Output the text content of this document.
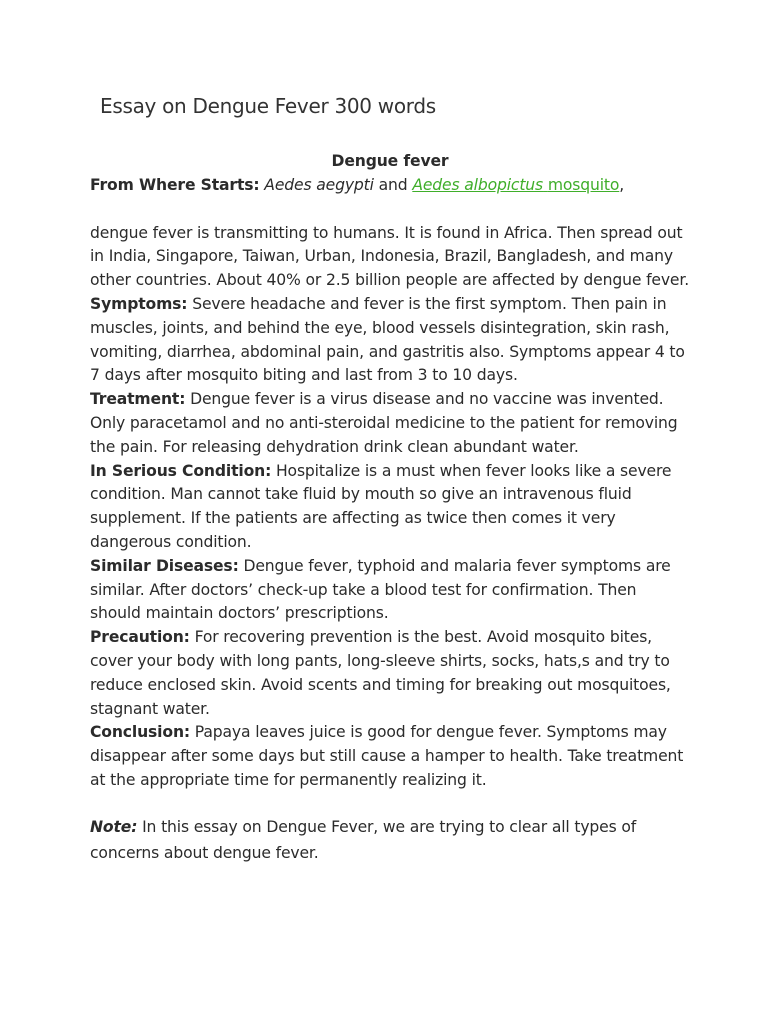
Essay on Dengue Fever 300 words

Dengue fever

From Where Starts: Aedes aegypti and Aedes albopictus mosquito,

dengue fever is transmitting to humans. It is found in Africa. Then spread out in India, Singapore, Taiwan, Urban, Indonesia, Brazil, Bangladesh, and many other countries. About 40% or 2.5 billion people are affected by dengue fever.

Symptoms: Severe headache and fever is the first symptom. Then pain in muscles, joints, and behind the eye, blood vessels disintegration, skin rash, vomiting, diarrhea, abdominal pain, and gastritis also. Symptoms appear 4 to 7 days after mosquito biting and last from 3 to 10 days.

Treatment: Dengue fever is a virus disease and no vaccine was invented. Only paracetamol and no anti-steroidal medicine to the patient for removing the pain. For releasing dehydration drink clean abundant water.

In Serious Condition: Hospitalize is a must when fever looks like a severe condition. Man cannot take fluid by mouth so give an intravenous fluid supplement. If the patients are affecting as twice then comes it very dangerous condition.

Similar Diseases: Dengue fever, typhoid and malaria fever symptoms are similar. After doctors’ check-up take a blood test for confirmation. Then should maintain doctors’ prescriptions.

Precaution: For recovering prevention is the best. Avoid mosquito bites, cover your body with long pants, long-sleeve shirts, socks, hats,s and try to reduce enclosed skin. Avoid scents and timing for breaking out mosquitoes, stagnant water.

Conclusion: Papaya leaves juice is good for dengue fever. Symptoms may disappear after some days but still cause a hamper to health. Take treatment at the appropriate time for permanently realizing it.

Note: In this essay on Dengue Fever, we are trying to clear all types of concerns about dengue fever.
